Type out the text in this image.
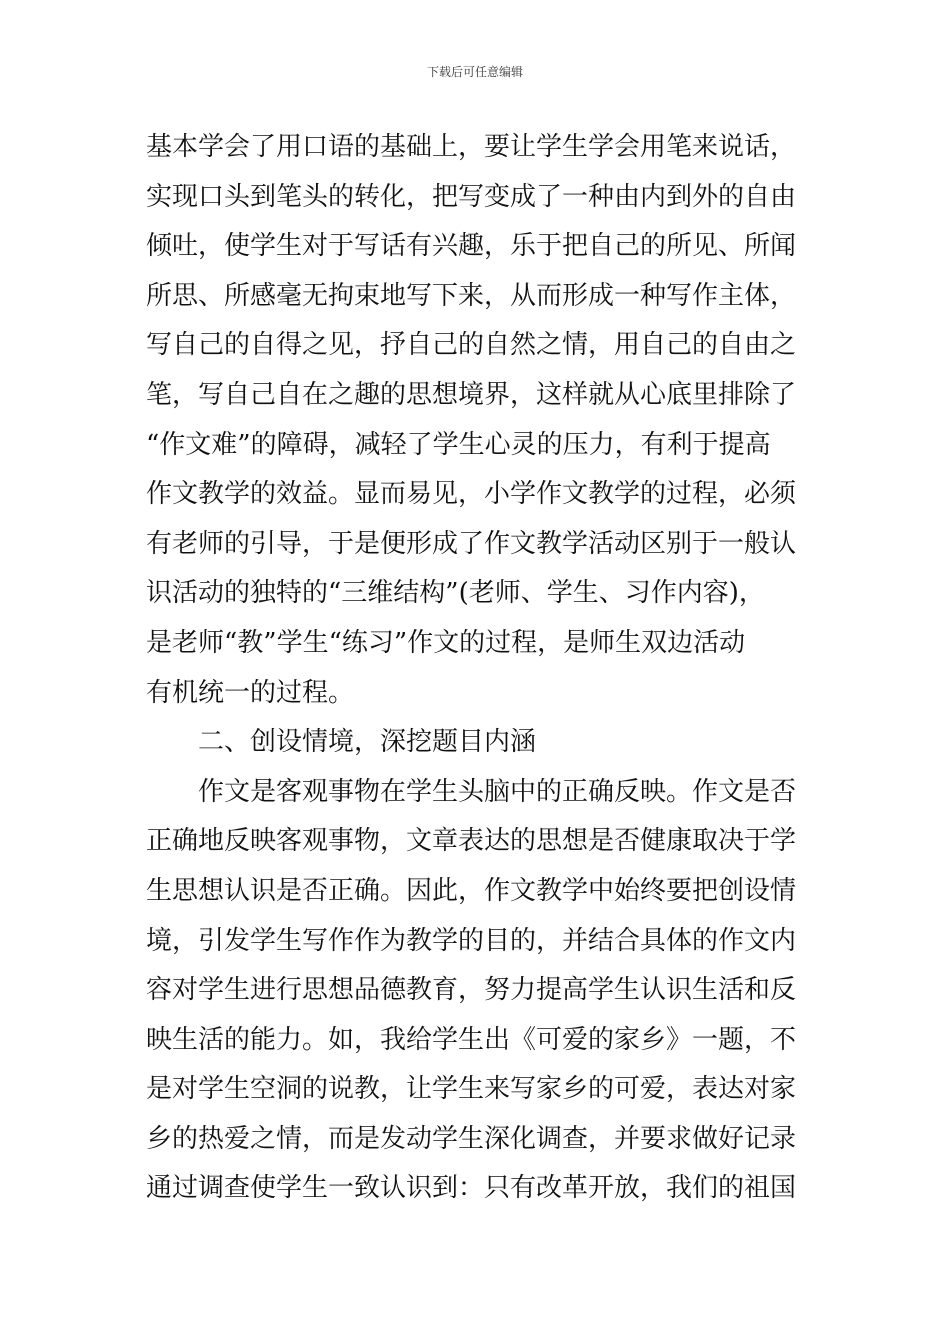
下载后可任意编辑
基本学会了用口语的基础上，要让学生学会用笔来说话，
实现口头到笔头的转化，把写变成了一种由内到外的自由
倾吐，使学生对于写话有兴趣，乐于把自己的所见、所闻
所思、所感毫无拘束地写下来，从而形成一种写作主体，
写自己的自得之见，抒自己的自然之情，用自己的自由之
笔，写自己自在之趣的思想境界，这样就从心底里排除了
“作文难”的障碍，减轻了学生心灵的压力，有利于提高
作文教学的效益。显而易见，小学作文教学的过程，必须
有老师的引导，于是便形成了作文教学活动区别于一般认
识活动的独特的“三维结构”(老师、学生、习作内容)，
是老师“教”学生“练习”作文的过程，是师生双边活动
有机统一的过程。
二、创设情境，深挖题目内涵
作文是客观事物在学生头脑中的正确反映。作文是否
正确地反映客观事物，文章表达的思想是否健康取决于学
生思想认识是否正确。因此，作文教学中始终要把创设情
境，引发学生写作作为教学的目的，并结合具体的作文内
容对学生进行思想品德教育，努力提高学生认识生活和反
映生活的能力。如，我给学生出《可爱的家乡》一题，不
是对学生空洞的说教，让学生来写家乡的可爱，表达对家
乡的热爱之情，而是发动学生深化调查，并要求做好记录
通过调查使学生一致认识到：只有改革开放，我们的祖国
